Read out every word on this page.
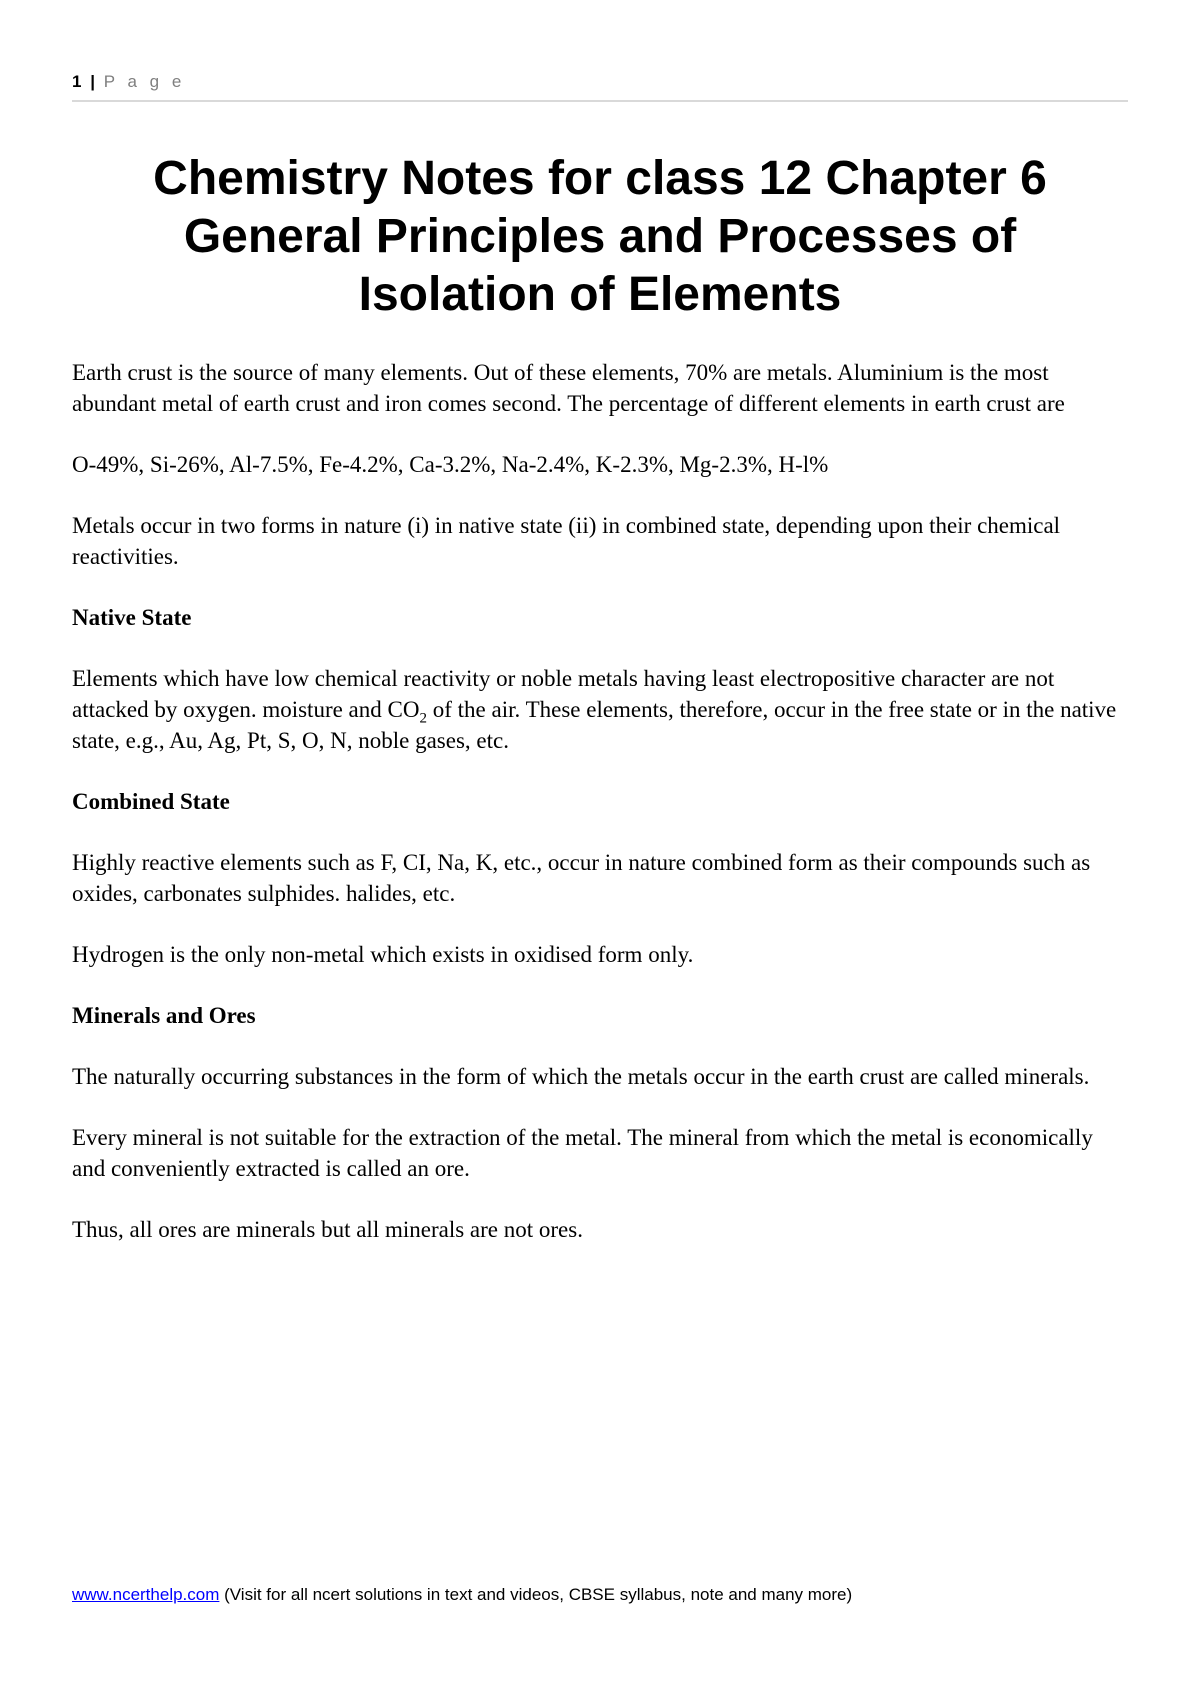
1 | P a g e
Chemistry Notes for class 12 Chapter 6
General Principles and Processes of
Isolation of Elements

Earth crust is the source of many elements. Out of these elements, 70% are metals. Aluminium is the most abundant metal of earth crust and iron comes second. The percentage of different elements in earth crust are

O-49%, Si-26%, Al-7.5%, Fe-4.2%, Ca-3.2%, Na-2.4%, K-2.3%, Mg-2.3%, H-l%

Metals occur in two forms in nature (i) in native state (ii) in combined state, depending upon their chemical reactivities.

Native State

Elements which have low chemical reactivity or noble metals having least electropositive character are not attacked by oxygen. moisture and $CO_2$ of the air. These elements, therefore, occur in the free state or in the native state, e.g., Au, Ag, Pt, S, O, N, noble gases, etc.

Combined State

Highly reactive elements such as F, CI, Na, K, etc., occur in nature combined form as their compounds such as oxides, carbonates sulphides. halides, etc.

Hydrogen is the only non-metal which exists in oxidised form only.

Minerals and Ores

The naturally occurring substances in the form of which the metals occur in the earth crust are called minerals.

Every mineral is not suitable for the extraction of the metal. The mineral from which the metal is economically and conveniently extracted is called an ore.

Thus, all ores are minerals but all minerals are not ores.

www.ncerthelp.com (Visit for all ncert solutions in text and videos, CBSE syllabus, note and many more)
